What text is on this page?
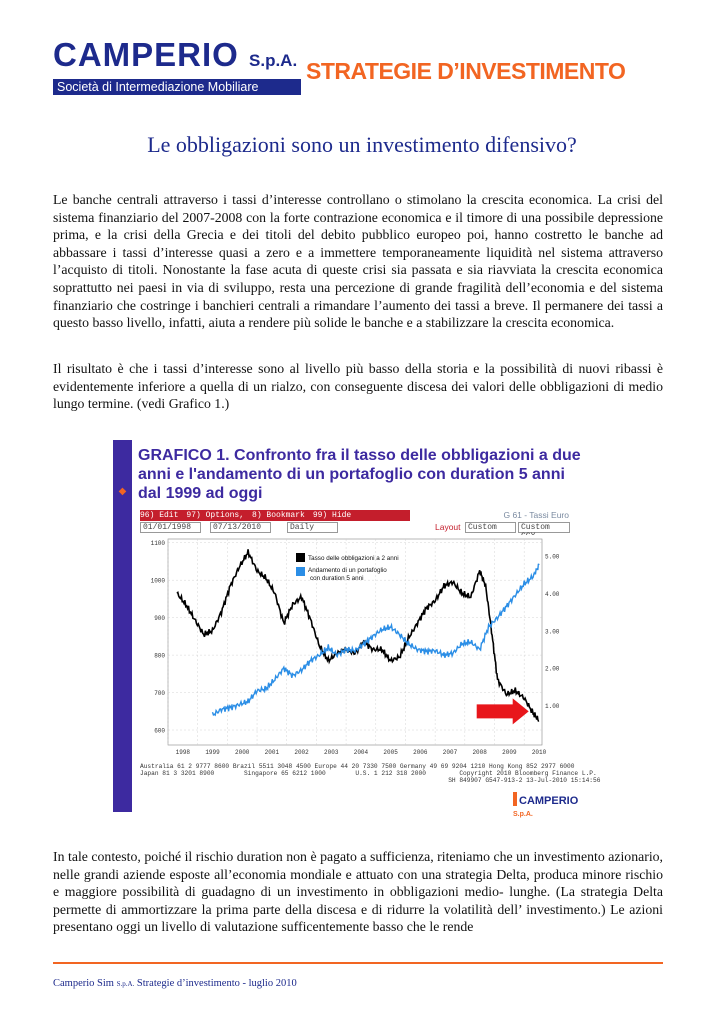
CAMPERIO S.p.A.
Società di Intermediazione Mobiliare
STRATEGIE D’INVESTIMENTO
Le obbligazioni sono un investimento difensivo?
Le banche centrali attraverso i tassi d’interesse controllano o stimolano la crescita economica. La crisi del sistema finanziario del 2007-2008 con la forte contrazione economica e il timore di una possibile depressione prima, e la crisi della Grecia e dei titoli del debito pubblico europeo poi, hanno costretto le banche ad abbassare i tassi d’interesse quasi a zero e a immettere temporaneamente liquidità nel sistema attraverso l’acquisto di titoli. Nonostante la fase acuta di queste crisi sia passata e sia riavviata la crescita economica soprattutto nei paesi in via di sviluppo, resta una percezione di grande fragilità dell’economia e del sistema finanziario che costringe i banchieri centrali a rimandare l’aumento dei tassi a breve. Il permanere dei tassi a questo basso livello, infatti, aiuta a rendere più solide le banche e a stabilizzare la crescita economica.
Il risultato è che i tassi d’interesse sono al livello più basso della storia e la possibilità di nuovi ribassi è evidentemente inferiore a quella di un rialzo, con conseguente discesa dei valori delle obbligazioni di medio lungo termine. (vedi Grafico 1.)
◆
GRAFICO 1. Confronto fra il tasso delle obbligazioni a due anni e l'andamento di un portafoglio con duration 5 anni dal 1999 ad oggi
96) Edit 97) Options, 8) Bookmark 99) Hide	G 61 - Tassi Euro
01/01/1998	07/13/2010	Daily	Layout Custom	Custom
600
700
800
900
1000
1100
1.00
2.00
3.00
4.00
5.00
1998	1999	2000	2001	2002	2003	2004	2005	2006	2007	2008	2009	2010
Tasso delle obbligazioni a 2 anni
Andamento di un portafoglio
con duration 5 anni
Australia 61 2 9777 8600 Brazil 5511 3048 4500 Europe 44 20 7330 7500 Germany 49 69 9204 1210 Hong Kong 852 2977 6000
Japan 81 3 3201 8900        Singapore 65 6212 1000        U.S. 1 212 318 2000         Copyright 2010 Bloomberg Finance L.P.
SH 849907 G547-913-2 13-Jul-2010 15:14:56
CAMPERIO S.p.A.
In tale contesto, poiché il rischio duration non è pagato a sufficienza, riteniamo che un investimento azionario, nelle grandi aziende esposte all’economia mondiale e attuato con una strategia Delta, produca minore rischio e maggiore possibilità di guadagno di un investimento in obbligazioni medio- lunghe. (La strategia Delta permette di ammortizzare la prima parte della discesa e di ridurre la volatilità dell’ investimento.) Le azioni presentano oggi un livello di valutazione sufficentemente basso che le rende
Camperio Sim S.p.A. Strategie d’investimento - luglio 2010
